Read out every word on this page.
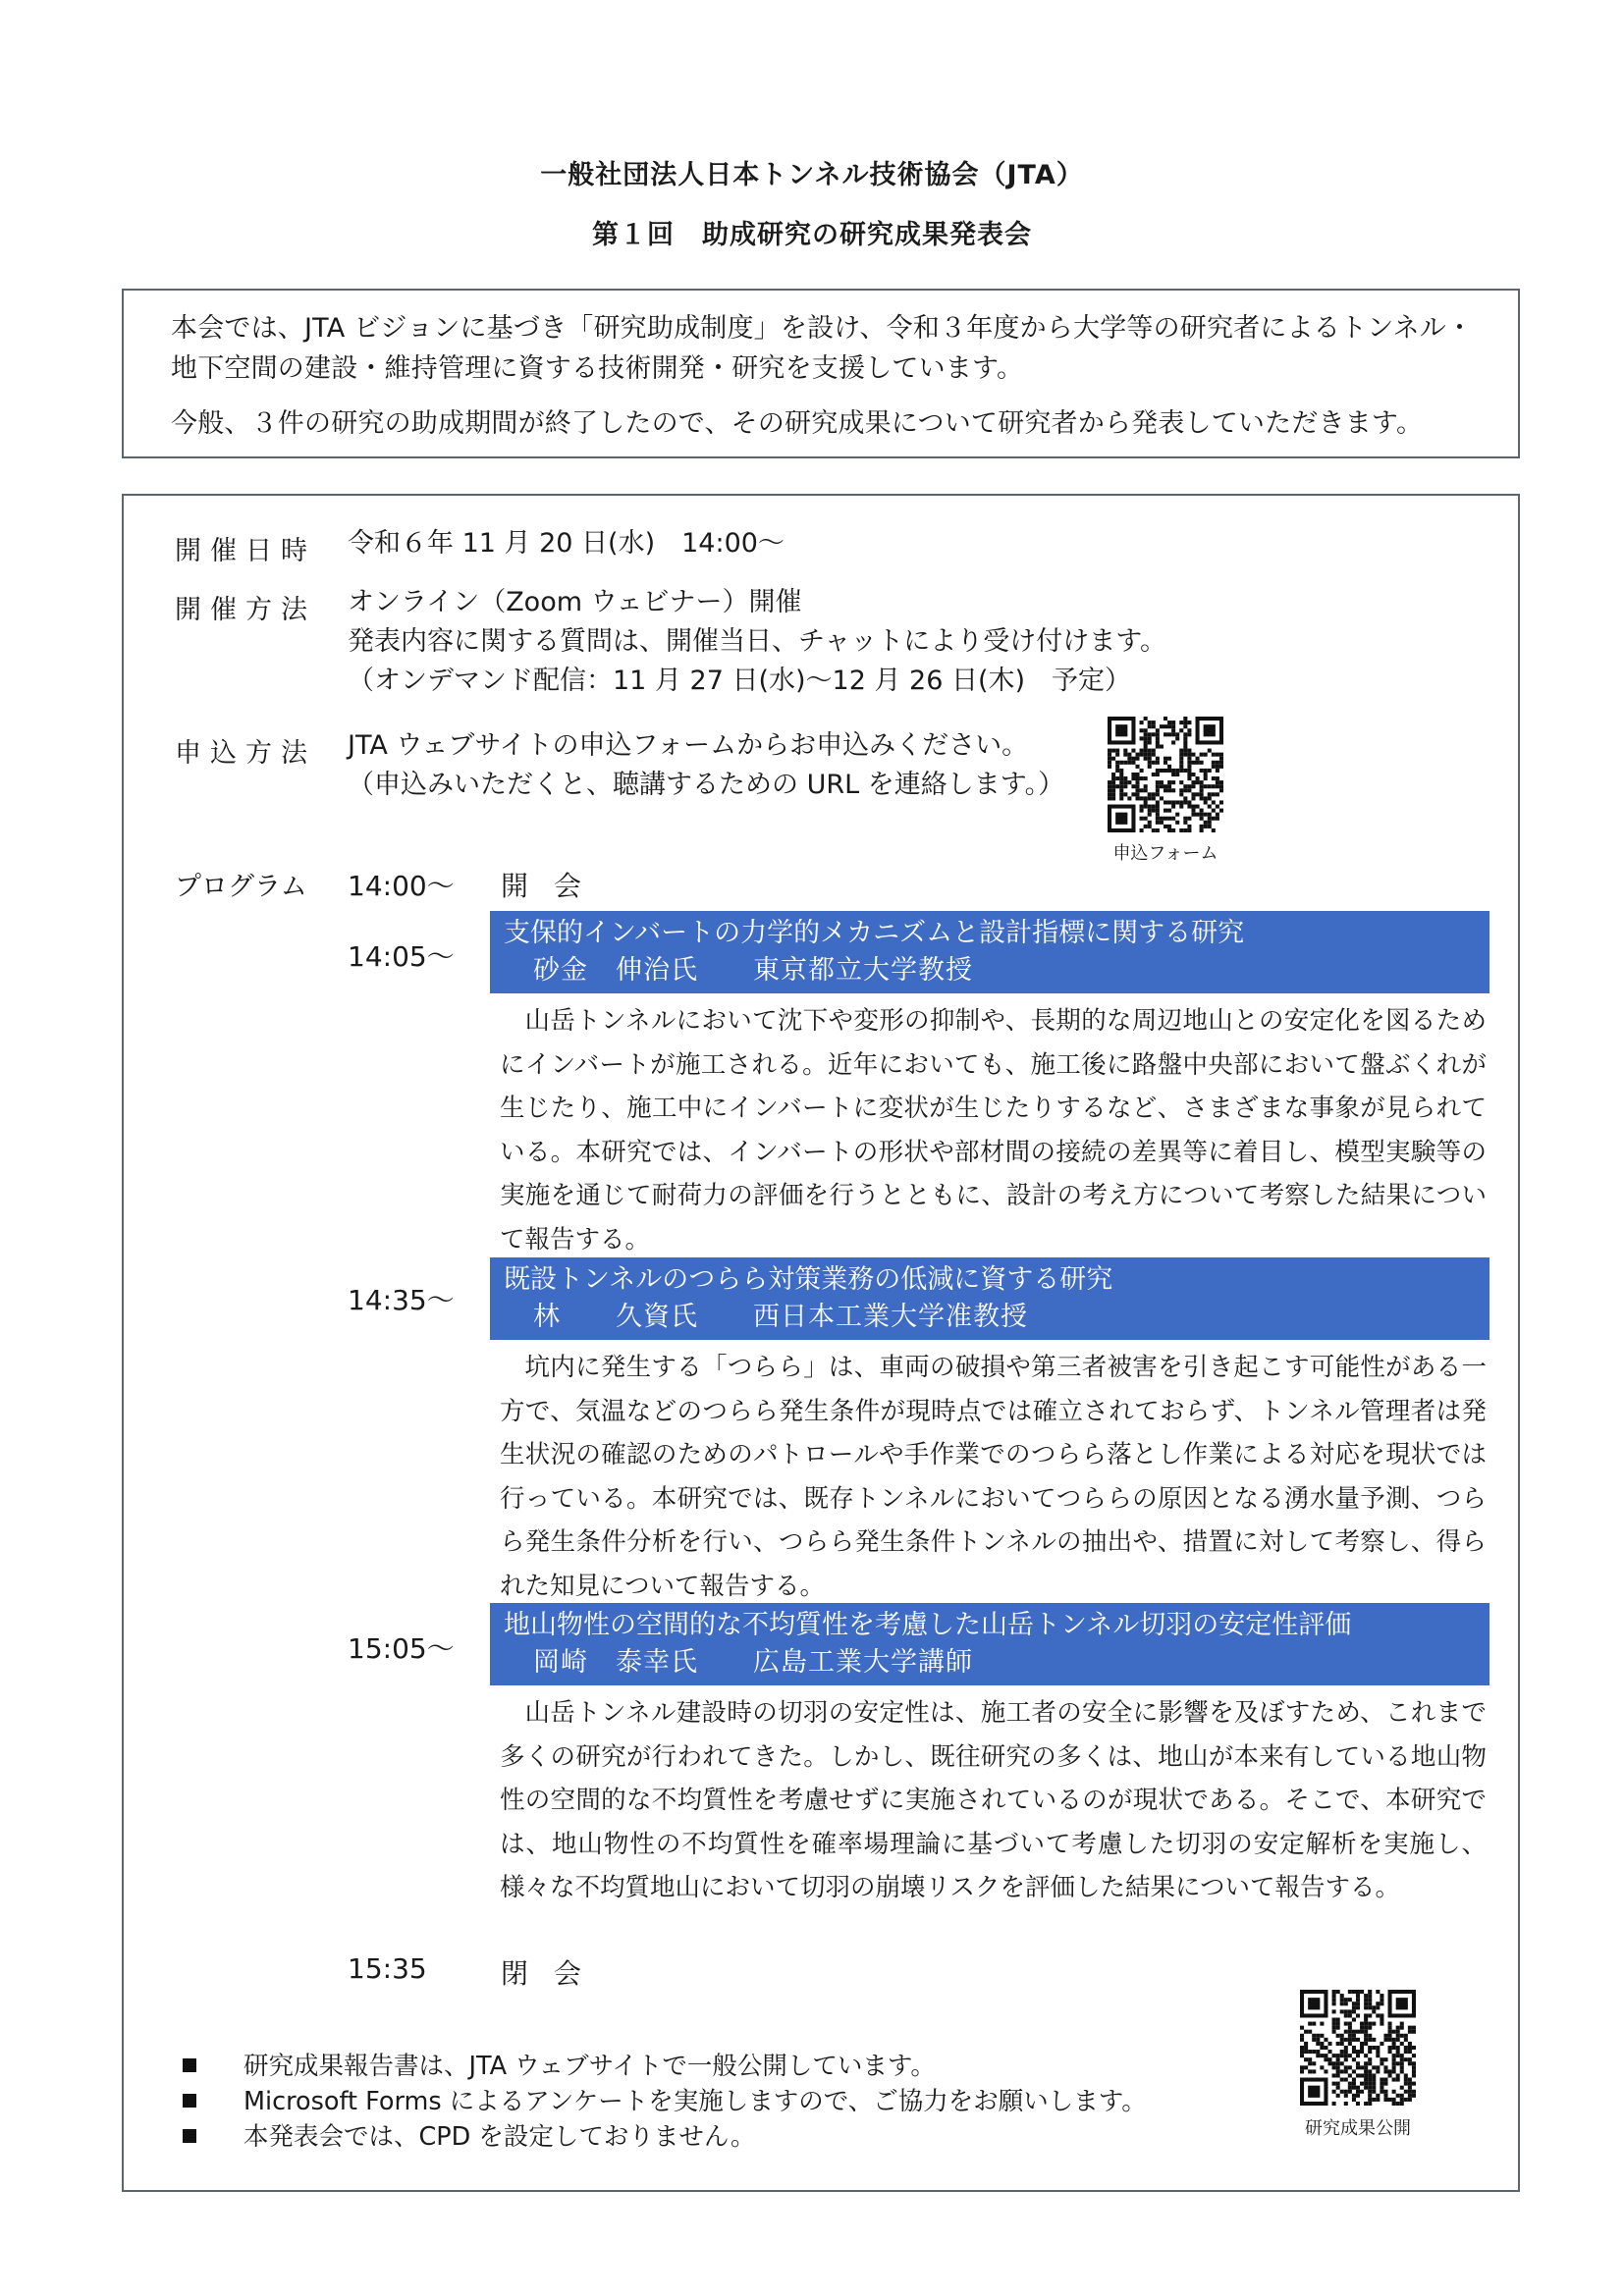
一般社団法人日本トンネル技術協会（JTA）
第１回　助成研究の研究成果発表会
本会では、JTA ビジョンに基づき「研究助成制度」を設け、令和３年度から大学等の研究者によるトンネル・地下空間の建設・維持管理に資する技術開発・研究を支援しています。
今般、３件の研究の助成期間が終了したので、その研究成果について研究者から発表していただきます。
開催日時 令和６年 11 月 20 日(水)　14:00～
開催方法 オンライン（Zoom ウェビナー）開催
発表内容に関する質問は、開催当日、チャットにより受け付けます。
（オンデマンド配信：11 月 27 日(水)～12 月 26 日(木)　予定）
申込方法 JTA ウェブサイトの申込フォームからお申込みください。
（申込みいただくと、聴講するための URL を連絡します。）
申込フォーム
プログラム 14:00～ 開会
14:05～
支保的インバートの力学的メカニズムと設計指標に関する研究
砂金　伸治氏　　東京都立大学教授
山岳トンネルにおいて沈下や変形の抑制や、長期的な周辺地山との安定化を図るためにインバートが施工される。近年においても、施工後に路盤中央部において盤ぶくれが生じたり、施工中にインバートに変状が生じたりするなど、さまざまな事象が見られている。本研究では、インバートの形状や部材間の接続の差異等に着目し、模型実験等の実施を通じて耐荷力の評価を行うとともに、設計の考え方について考察した結果について報告する。
14:35～
既設トンネルのつらら対策業務の低減に資する研究
林　　久資氏　　西日本工業大学准教授
坑内に発生する「つらら」は、車両の破損や第三者被害を引き起こす可能性がある一方で、気温などのつらら発生条件が現時点では確立されておらず、トンネル管理者は発生状況の確認のためのパトロールや手作業でのつらら落とし作業による対応を現状では行っている。本研究では、既存トンネルにおいてつららの原因となる湧水量予測、つらら発生条件分析を行い、つらら発生条件トンネルの抽出や、措置に対して考察し、得られた知見について報告する。
15:05～
地山物性の空間的な不均質性を考慮した山岳トンネル切羽の安定性評価
岡崎　泰幸氏　　広島工業大学講師
山岳トンネル建設時の切羽の安定性は、施工者の安全に影響を及ぼすため、これまで多くの研究が行われてきた。しかし、既往研究の多くは、地山が本来有している地山物性の空間的な不均質性を考慮せずに実施されているのが現状である。そこで、本研究では、地山物性の不均質性を確率場理論に基づいて考慮した切羽の安定解析を実施し、様々な不均質地山において切羽の崩壊リスクを評価した結果について報告する。
15:35	閉会
研究成果報告書は、JTA ウェブサイトで一般公開しています。
Microsoft Forms によるアンケートを実施しますので、ご協力をお願いします。
本発表会では、CPD を設定しておりません。	研究成果公開
